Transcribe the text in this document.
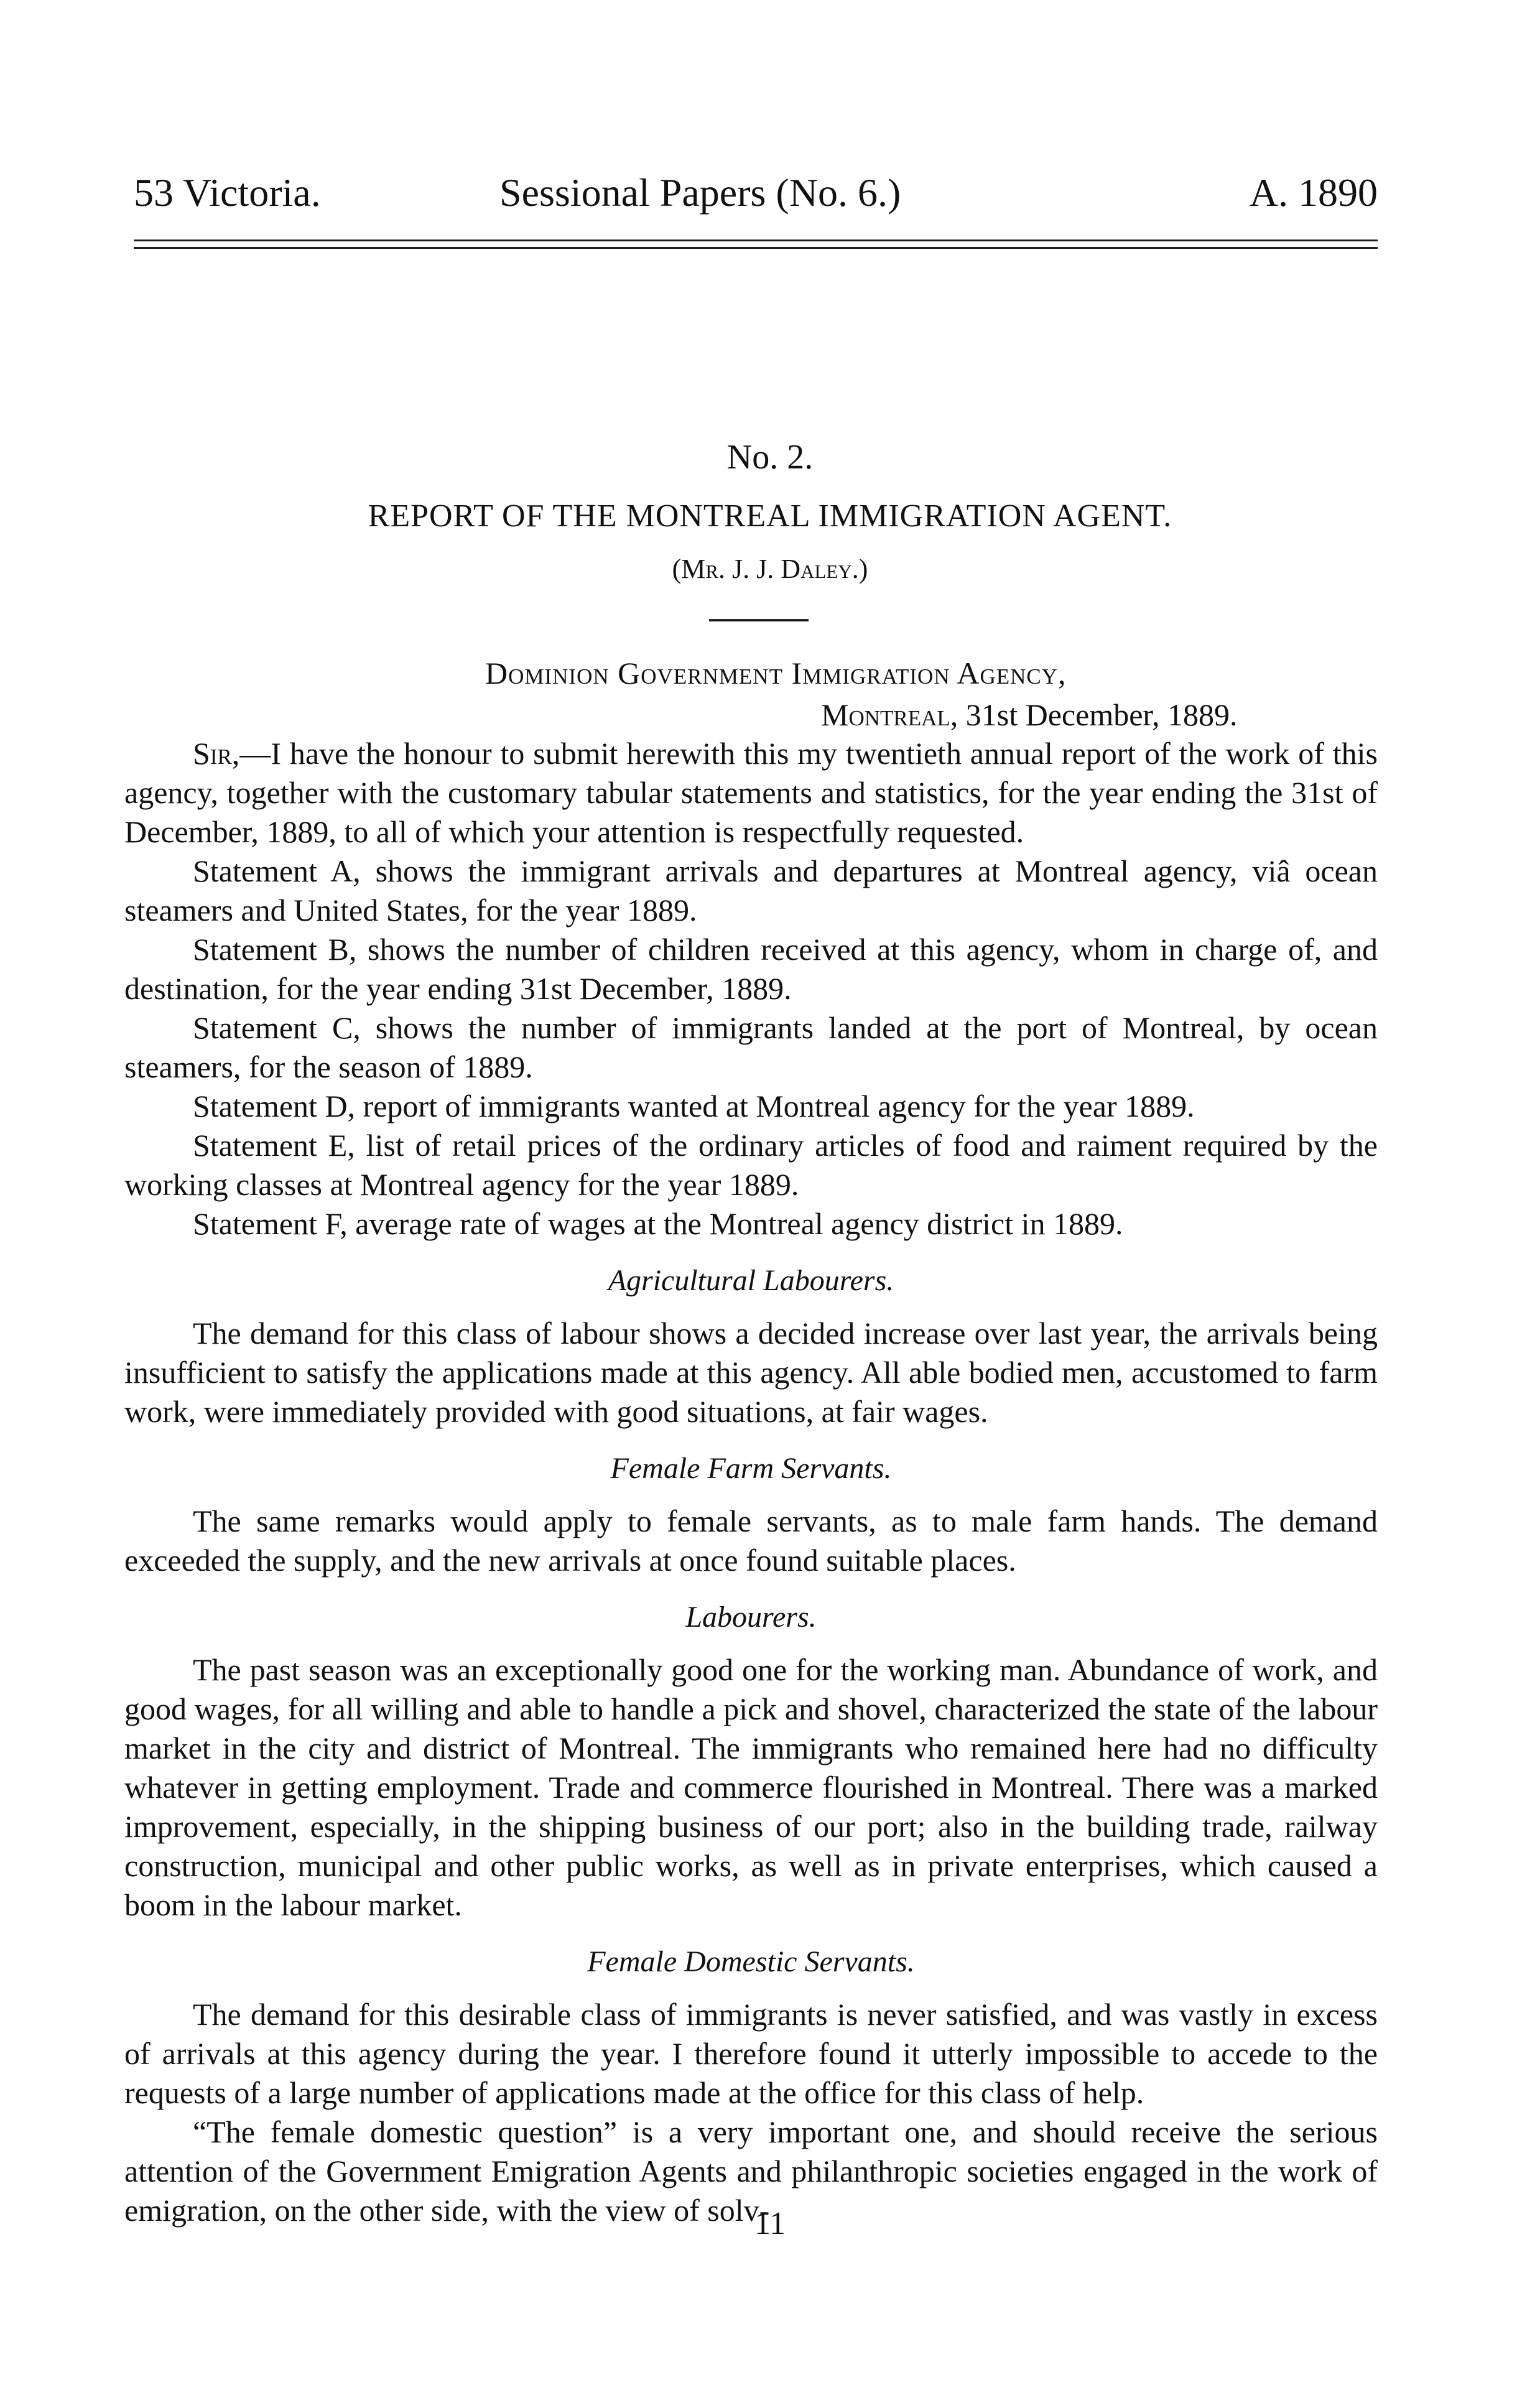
53 Victoria.	Sessional Papers (No. 6.)	A. 1890
No. 2.
REPORT OF THE MONTREAL IMMIGRATION AGENT.
(Mr. J. J. Daley.)
Dominion Government Immigration Agency,
Montreal, 31st December, 1889.

Sir,—I have the honour to submit herewith this my twentieth annual report of the work of this agency, together with the customary tabular statements and statistics, for the year ending the 31st of December, 1889, to all of which your attention is respectfully requested.

Statement A, shows the immigrant arrivals and departures at Montreal agency, viâ ocean steamers and United States, for the year 1889.

Statement B, shows the number of children received at this agency, whom in charge of, and destination, for the year ending 31st December, 1889.

Statement C, shows the number of immigrants landed at the port of Montreal, by ocean steamers, for the season of 1889.

Statement D, report of immigrants wanted at Montreal agency for the year 1889.

Statement E, list of retail prices of the ordinary articles of food and raiment required by the working classes at Montreal agency for the year 1889.

Statement F, average rate of wages at the Montreal agency district in 1889.

Agricultural Labourers.

The demand for this class of labour shows a decided increase over last year, the arrivals being insufficient to satisfy the applications made at this agency. All able bodied men, accustomed to farm work, were immediately provided with good situations, at fair wages.

Female Farm Servants.

The same remarks would apply to female servants, as to male farm hands. The demand exceeded the supply, and the new arrivals at once found suitable places.

Labourers.

The past season was an exceptionally good one for the working man. Abundance of work, and good wages, for all willing and able to handle a pick and shovel, characterized the state of the labour market in the city and district of Montreal. The immigrants who remained here had no difficulty whatever in getting employment. Trade and commerce flourished in Montreal. There was a marked improvement, especially, in the shipping business of our port; also in the building trade, railway construction, municipal and other public works, as well as in private enterprises, which caused a boom in the labour market.

Female Domestic Servants.

The demand for this desirable class of immigrants is never satisfied, and was vastly in excess of arrivals at this agency during the year. I therefore found it utterly impossible to accede to the requests of a large number of applications made at the office for this class of help.

“The female domestic question” is a very important one, and should receive the serious attention of the Government Emigration Agents and philanthropic societies engaged in the work of emigration, on the other side, with the view of solv-

11
